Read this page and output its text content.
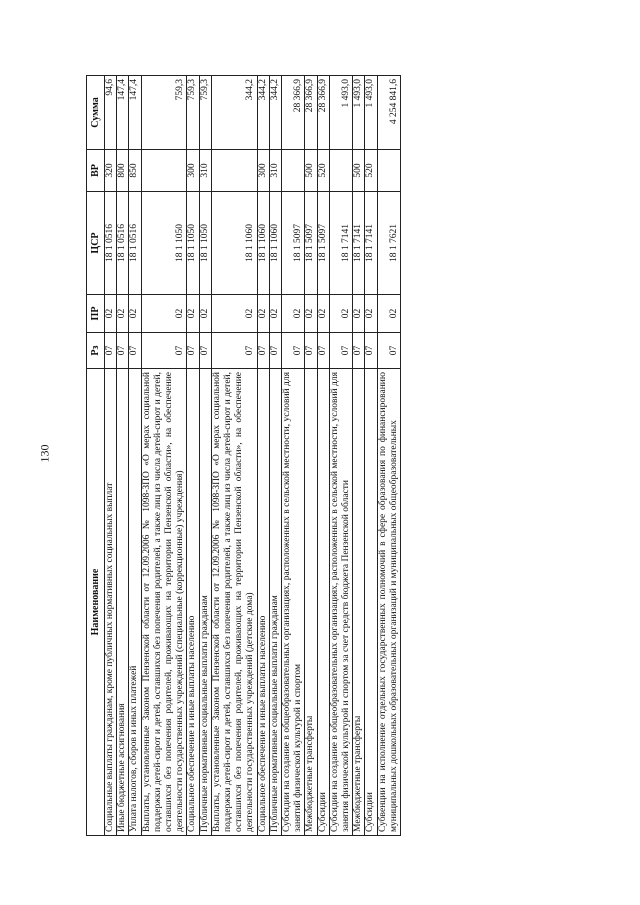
130
Наименование	Рз	ПР	ЦСР	ВР	Сумма
Социальные выплаты гражданам, кроме публичных нормативных социальных выплат	07	02	18 1 0516	320	94,6
Иные бюджетные ассигнования	07	02	18 1 0516	800	147,4
Уплата налогов, сборов и иных платежей	07	02	18 1 0516	850	147,4
Выплаты, установленные Законом Пензенской области от 12.09.2006 № 1098-ЗПО «О мерах социальной поддержки детей-сирот и детей, оставшихся без попечения родителей, а также лиц из числа детей-сирот и детей, оставшихся без попечения родителей, проживающих на территории Пензенской области», на обеспечение деятельности государственных учреждений (специальные (коррекционные) учреждения)	07	02	18 1 1050		759,3
Социальное обеспечение и иные выплаты населению	07	02	18 1 1050	300	759,3
Публичные нормативные социальные выплаты гражданам	07	02	18 1 1050	310	759,3
Выплаты, установленные Законом Пензенской области от 12.09.2006 № 1098-ЗПО «О мерах социальной поддержки детей-сирот и детей, оставшихся без попечения родителей, а также лиц из числа детей-сирот и детей, оставшихся без попечения родителей, проживающих на территории Пензенской области», на обеспечение деятельности государственных учреждений (детские дома)	07	02	18 1 1060		344,2
Социальное обеспечение и иные выплаты населению	07	02	18 1 1060	300	344,2
Публичные нормативные социальные выплаты гражданам	07	02	18 1 1060	310	344,2
Субсидии на создание в общеобразовательных организациях, расположенных в сельской местности, условий для занятий физической культурой и спортом	07	02	18 1 5097		28 366,9
Межбюджетные трансферты	07	02	18 1 5097	500	28 366,9
Субсидии	07	02	18 1 5097	520	28 366,9
Субсидии на создание в общеобразовательных организациях, расположенных в сельской местности, условий для занятия физической культурой и спортом за счет средств бюджета Пензенской области	07	02	18 1 7141		1 493,0
Межбюджетные трансферты	07	02	18 1 7141	500	1 493,0
Субсидии	07	02	18 1 7141	520	1 493,0
Субвенции на исполнение отдельных государственных полномочий в сфере образования по финансированию муниципальных дошкольных образовательных организаций и муниципальных общеобразовательных	07	02	18 1 7621		4 254 841,6
